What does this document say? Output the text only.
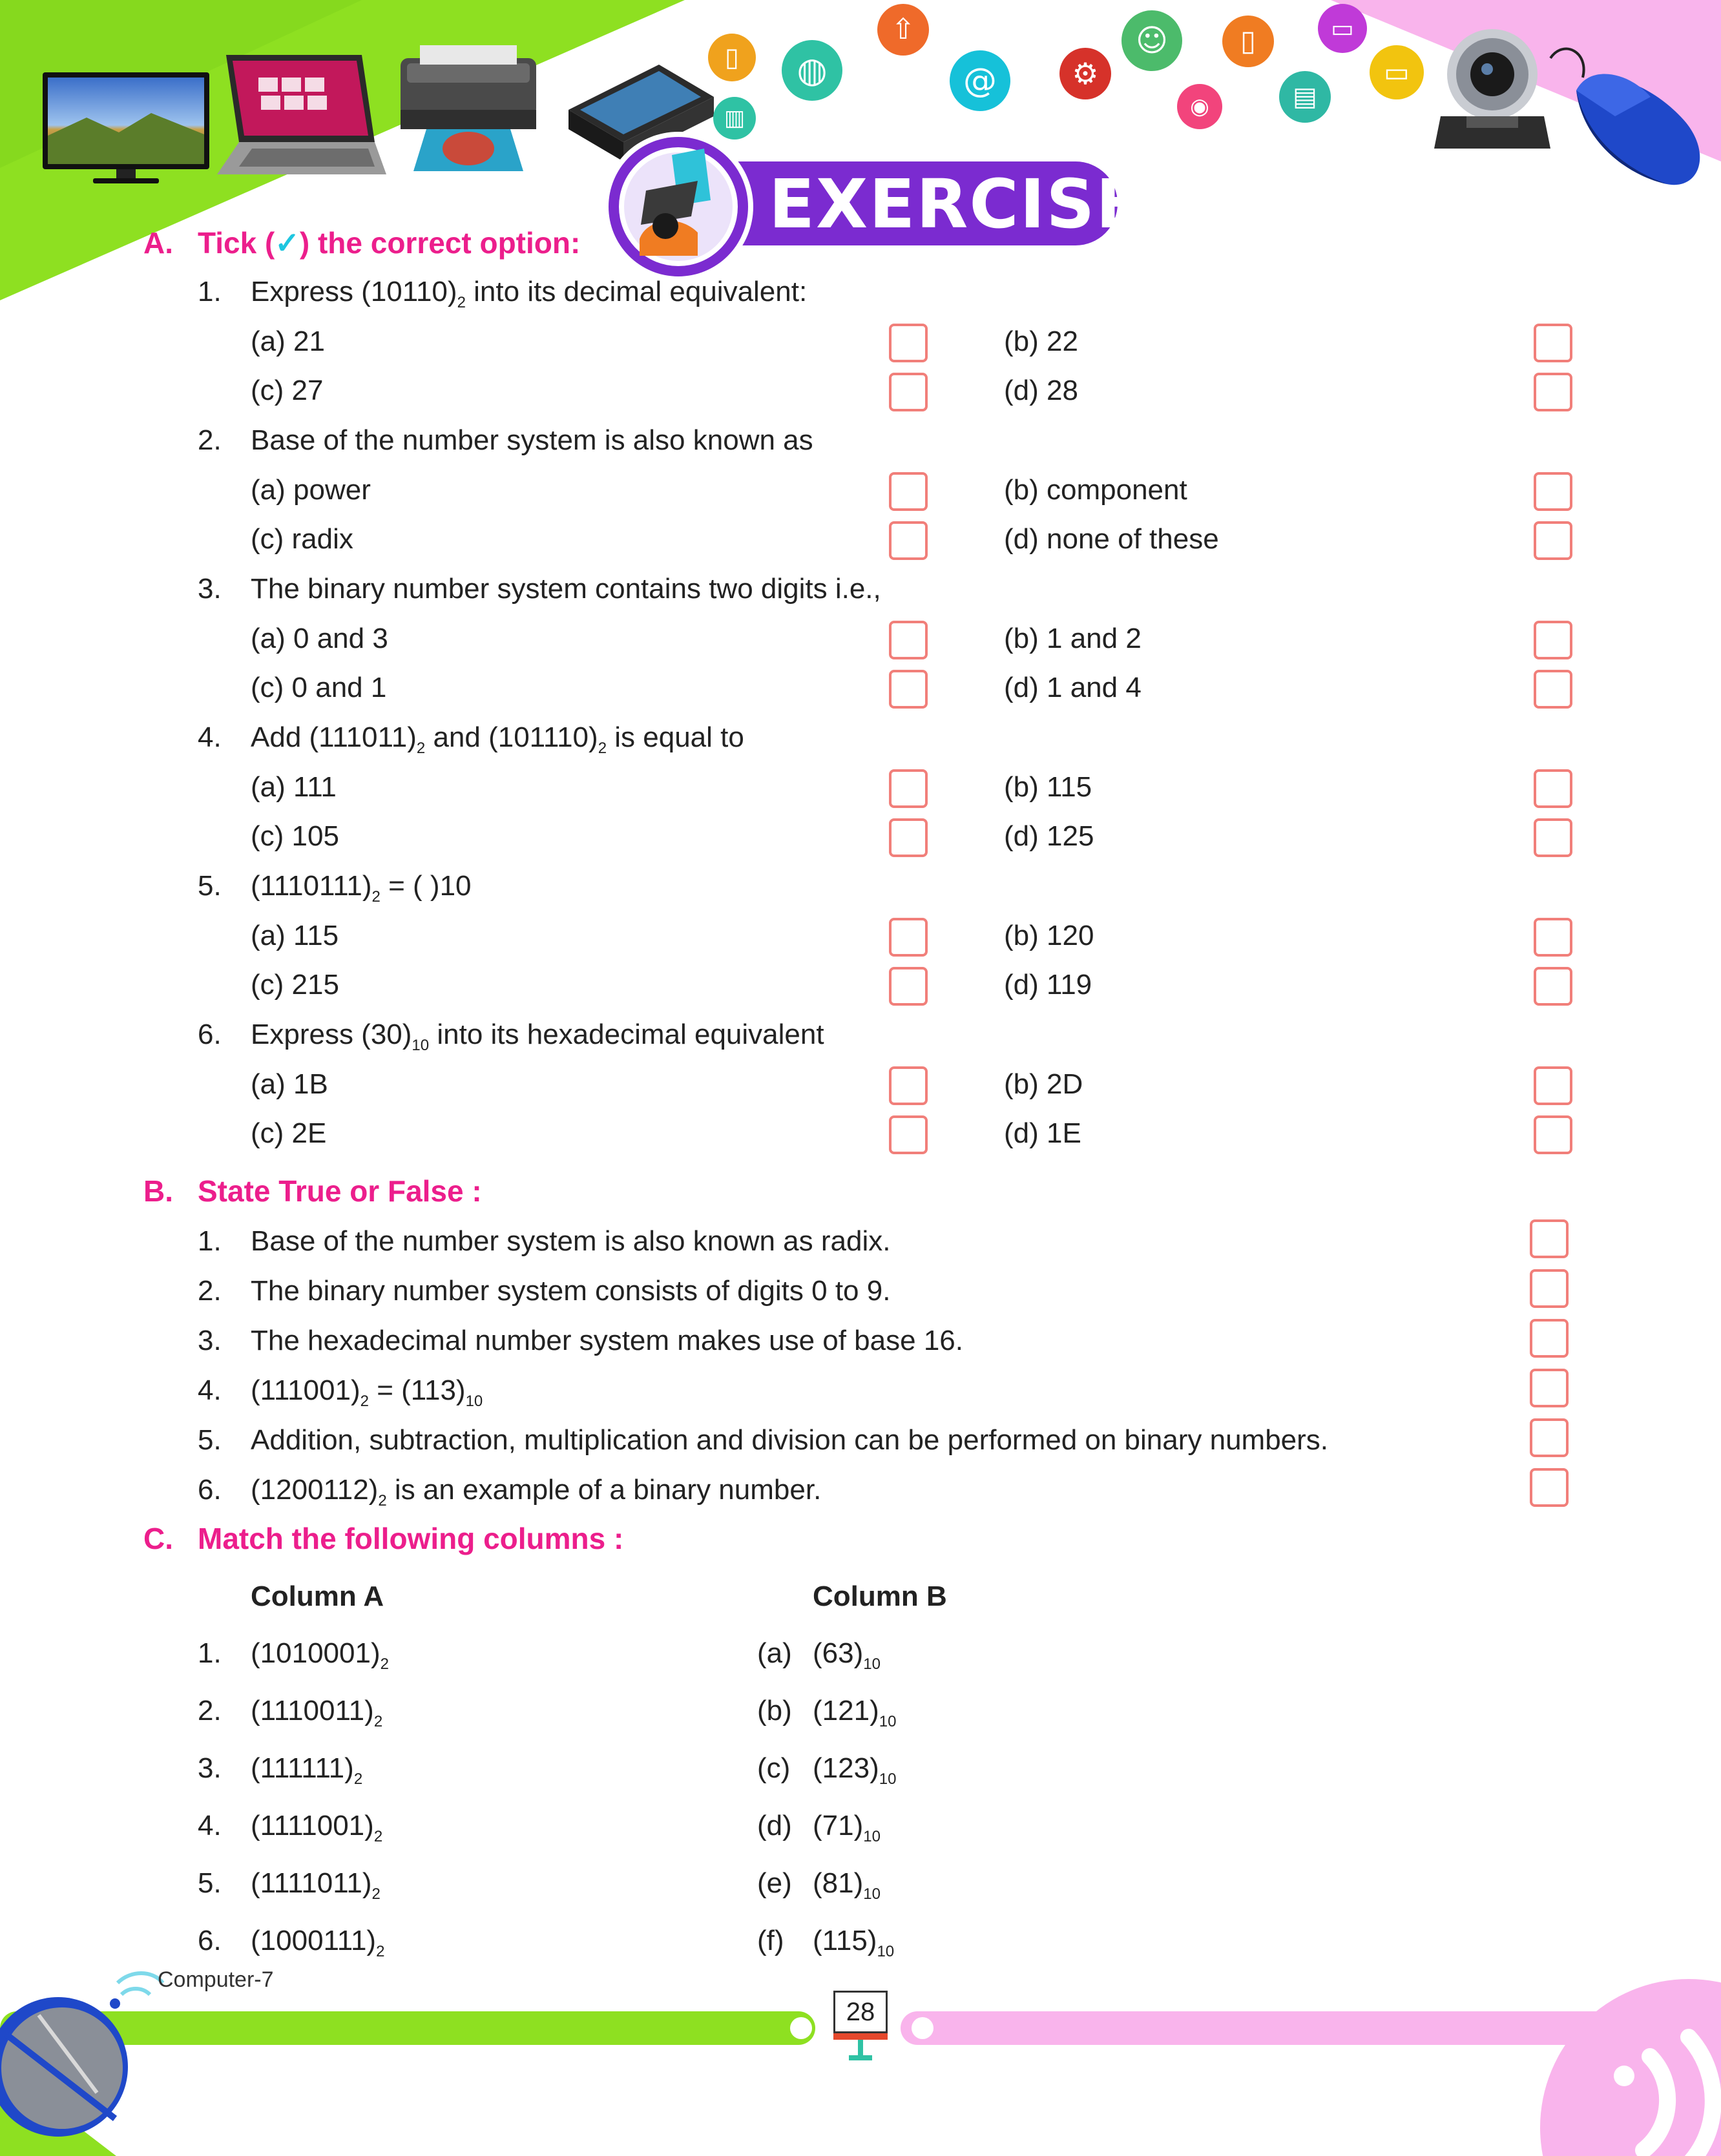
▯
▥
◍
⇧
@	⚙
☺
◉
▯
▤
▭
▭
EXERCISE
A. Tick (✓) the correct option:
1. Express $(10110)_2$ into its decimal equivalent:
(a) 21	(b) 22
(c) 27	(d) 28
2. Base of the number system is also known as
(a) power	(b) component
(c) radix	(d) none of these
3. The binary number system contains two digits i.e.,
(a) 0 and 3	(b) 1 and 2
(c) 0 and 1	(d) 1 and 4
4. Add $(111011)_2$ and $(101110)_2$ is equal to
(a) 111	(b) 115
(c) 105	(d) 125
5. $(1110111)_2$ = ( )10
(a) 115	(b) 120
(c) 215	(d) 119
6. Express $(30)_{10}$ into its hexadecimal equivalent
(a) 1B	(b) 2D
(c) 2E	(d) 1E
B. State True or False :
1. Base of the number system is also known as radix.
2. The binary number system consists of digits 0 to 9.
3. The hexadecimal number system makes use of base 16.
4. $(111001)_2 = (113)_{10}$
5. Addition, subtraction, multiplication and division can be performed on binary numbers.
6. $(1200112)_2$ is an example of a binary number.
C. Match the following columns :
Column A	Column B
1. $(1010001)_2$	(a) $(63)_{10}$
2. $(1110011)_2$	(b) $(121)_{10}$
3. $(111111)_2$	(c) $(123)_{10}$
4. $(1111001)_2$	(d) $(71)_{10}$
5. $(1111011)_2$	(e) $(81)_{10}$
6. $(1000111)_2$	(f) $(115)_{10}$
Computer-7
28
